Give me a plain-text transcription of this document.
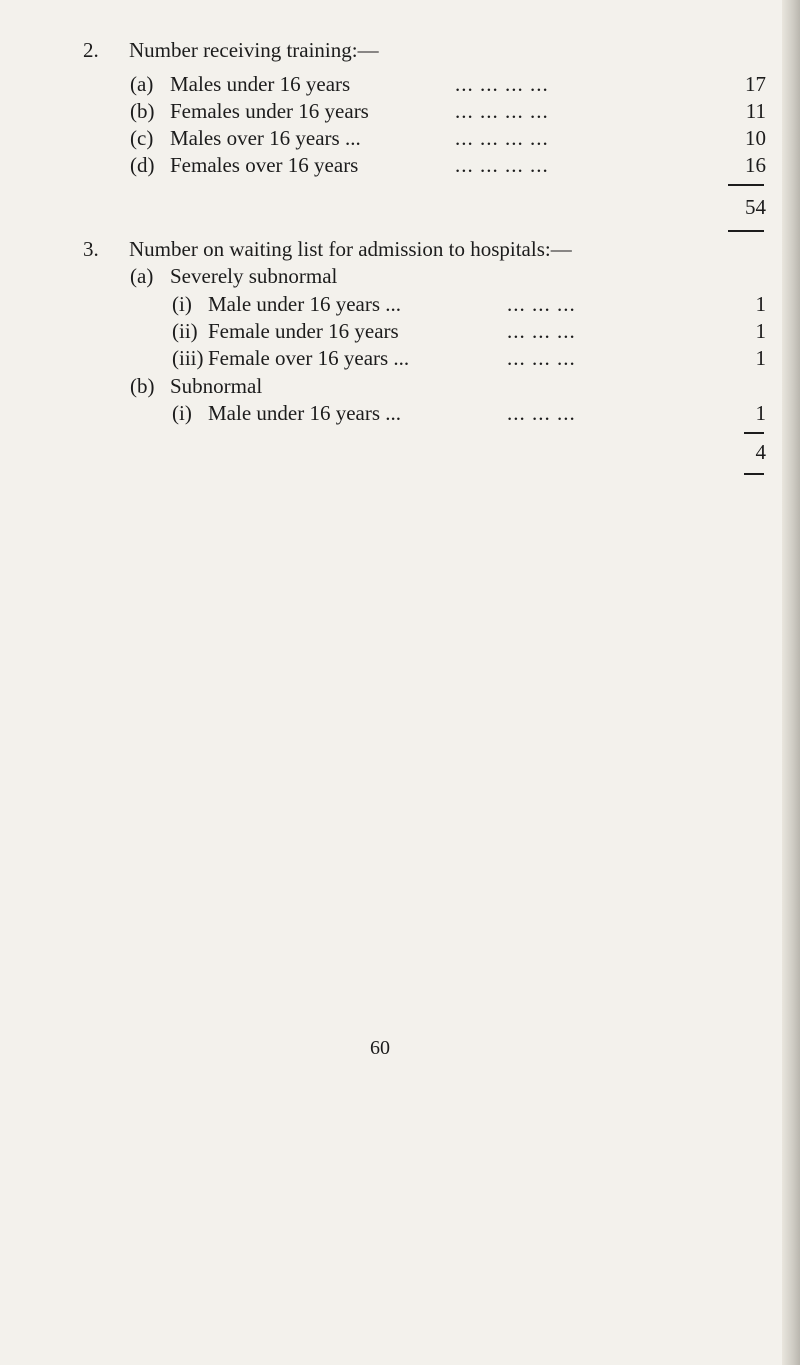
2. Number receiving training:—
(a) Males under 16 years	... ... ... ...	17
(b) Females under 16 years	... ... ... ...	11
(c) Males over 16 years ...	... ... ... ...	10
(d) Females over 16 years	... ... ... ...	16
54
3. Number on waiting list for admission to hospitals:—
(a) Severely subnormal
(i) Male under 16 years ...	... ... ...	1
(ii) Female under 16 years	... ... ...	1
(iii) Female over 16 years ...	... ... ...	1
(b) Subnormal
(i) Male under 16 years ...	... ... ...	1
4
60
